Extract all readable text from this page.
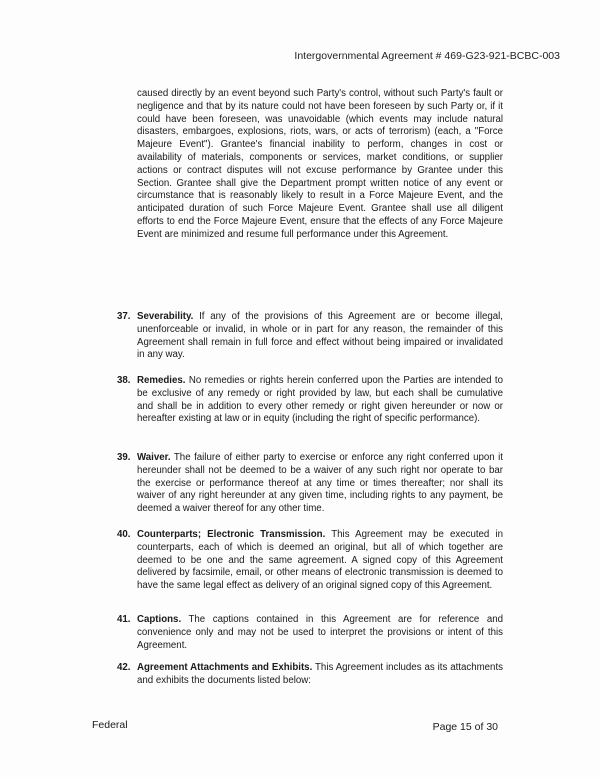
Intergovernmental Agreement # 469-G23-921-BCBC-003

caused directly by an event beyond such Party's control, without such Party's fault or negligence and that by its nature could not have been foreseen by such Party or, if it could have been foreseen, was unavoidable (which events may include natural disasters, embargoes, explosions, riots, wars, or acts of terrorism) (each, a "Force Majeure Event"). Grantee's financial inability to perform, changes in cost or availability of materials, components or services, market conditions, or supplier actions or contract disputes will not excuse performance by Grantee under this Section. Grantee shall give the Department prompt written notice of any event or circumstance that is reasonably likely to result in a Force Majeure Event, and the anticipated duration of such Force Majeure Event. Grantee shall use all diligent efforts to end the Force Majeure Event, ensure that the effects of any Force Majeure Event are minimized and resume full performance under this Agreement.

37. Severability. If any of the provisions of this Agreement are or become illegal, unenforceable or invalid, in whole or in part for any reason, the remainder of this Agreement shall remain in full force and effect without being impaired or invalidated in any way.
38. Remedies. No remedies or rights herein conferred upon the Parties are intended to be exclusive of any remedy or right provided by law, but each shall be cumulative and shall be in addition to every other remedy or right given hereunder or now or hereafter existing at law or in equity (including the right of specific performance).
39. Waiver. The failure of either party to exercise or enforce any right conferred upon it hereunder shall not be deemed to be a waiver of any such right nor operate to bar the exercise or performance thereof at any time or times thereafter; nor shall its waiver of any right hereunder at any given time, including rights to any payment, be deemed a waiver thereof for any other time.
40. Counterparts; Electronic Transmission. This Agreement may be executed in counterparts, each of which is deemed an original, but all of which together are deemed to be one and the same agreement. A signed copy of this Agreement delivered by facsimile, email, or other means of electronic transmission is deemed to have the same legal effect as delivery of an original signed copy of this Agreement.
41. Captions. The captions contained in this Agreement are for reference and convenience only and may not be used to interpret the provisions or intent of this Agreement.
42. Agreement Attachments and Exhibits. This Agreement includes as its attachments and exhibits the documents listed below:
Federal	Page 15 of 30
